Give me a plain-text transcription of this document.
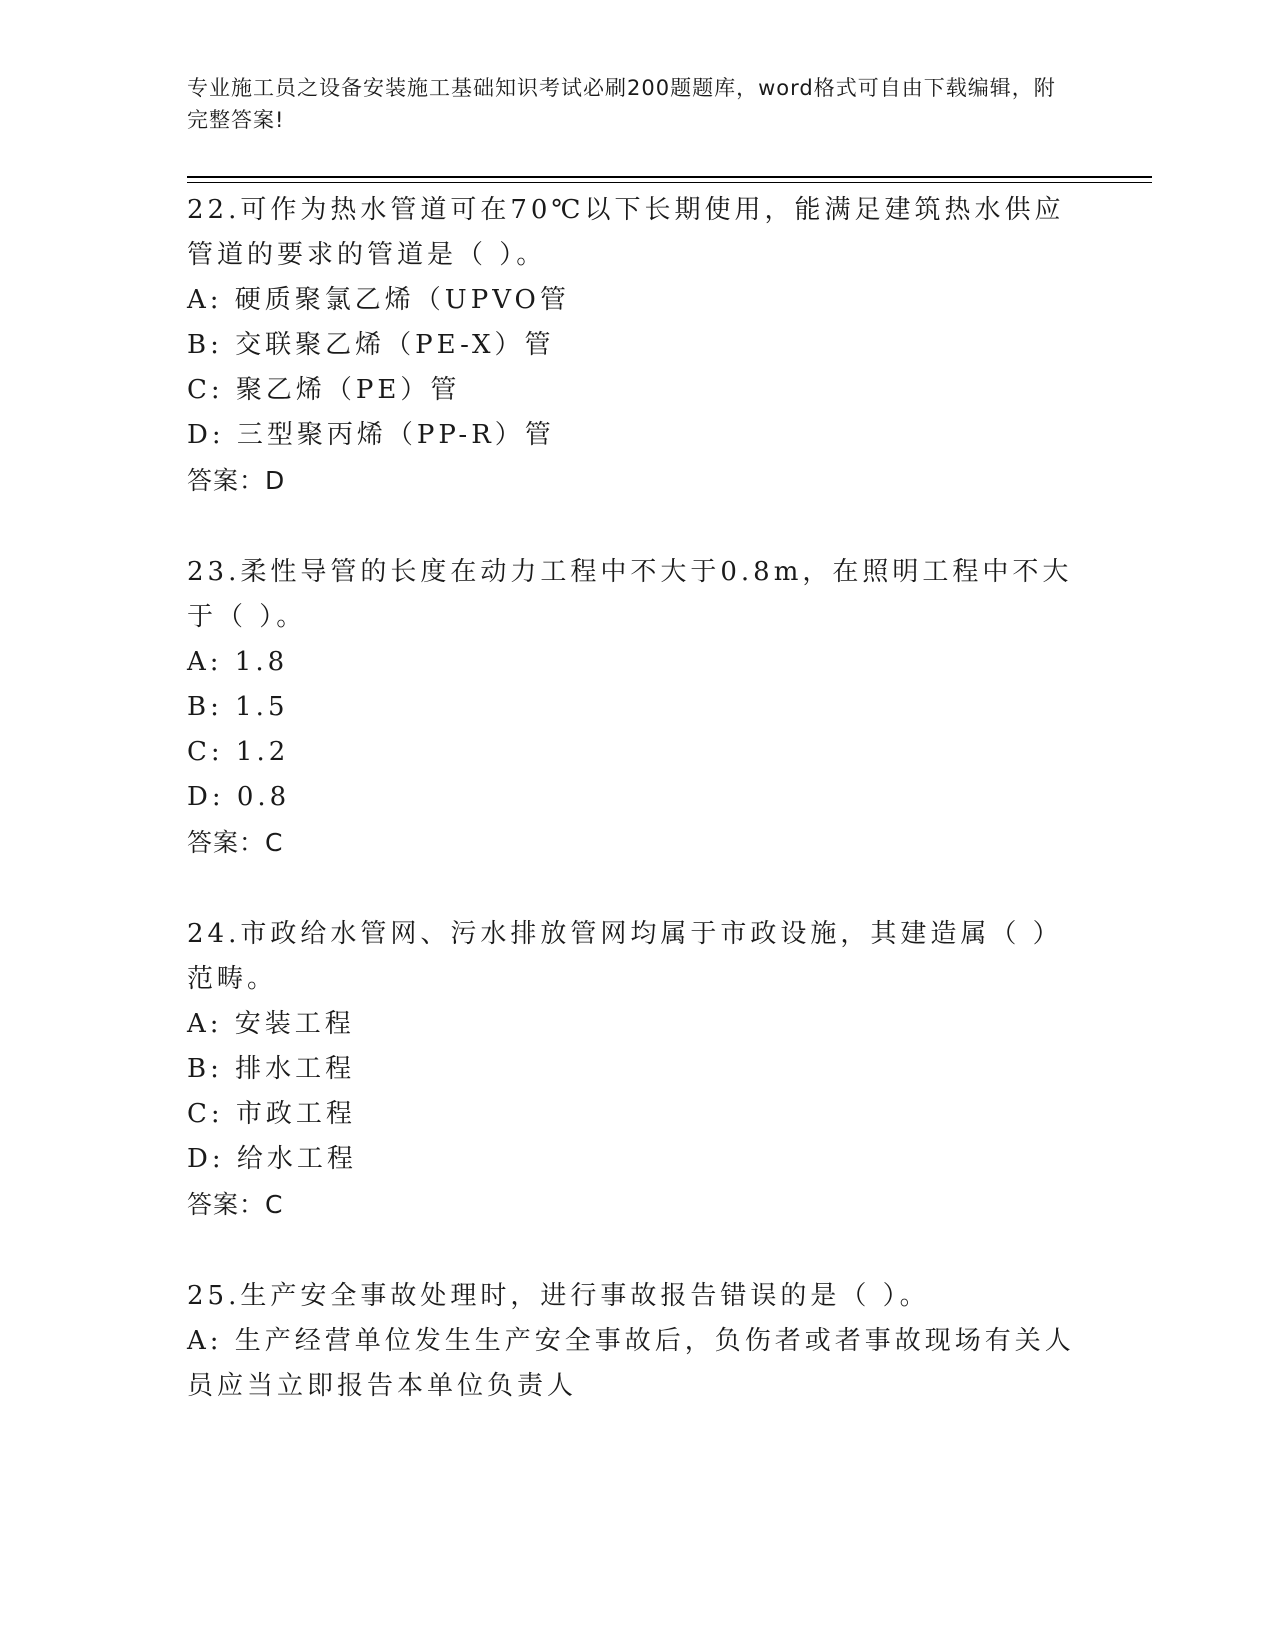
专业施工员之设备安装施工基础知识考试必刷200题题库，word格式可自由下载编辑，附完整答案!
22.可作为热水管道可在70℃以下长期使用，能满足建筑热水供应管道的要求的管道是（ ）。
A: 硬质聚氯乙烯（UPVO管
B: 交联聚乙烯（PE-X）管
C: 聚乙烯（PE）管
D: 三型聚丙烯（PP-R）管
答案：D
23.柔性导管的长度在动力工程中不大于0.8m，在照明工程中不大于（ ）。
A: 1.8
B: 1.5
C: 1.2
D: 0.8
答案：C
24.市政给水管网、污水排放管网均属于市政设施，其建造属（ ）范畴。
A: 安装工程
B: 排水工程
C: 市政工程
D: 给水工程
答案：C
25.生产安全事故处理时，进行事故报告错误的是（ ）。
A: 生产经营单位发生生产安全事故后，负伤者或者事故现场有关人员应当立即报告本单位负责人
